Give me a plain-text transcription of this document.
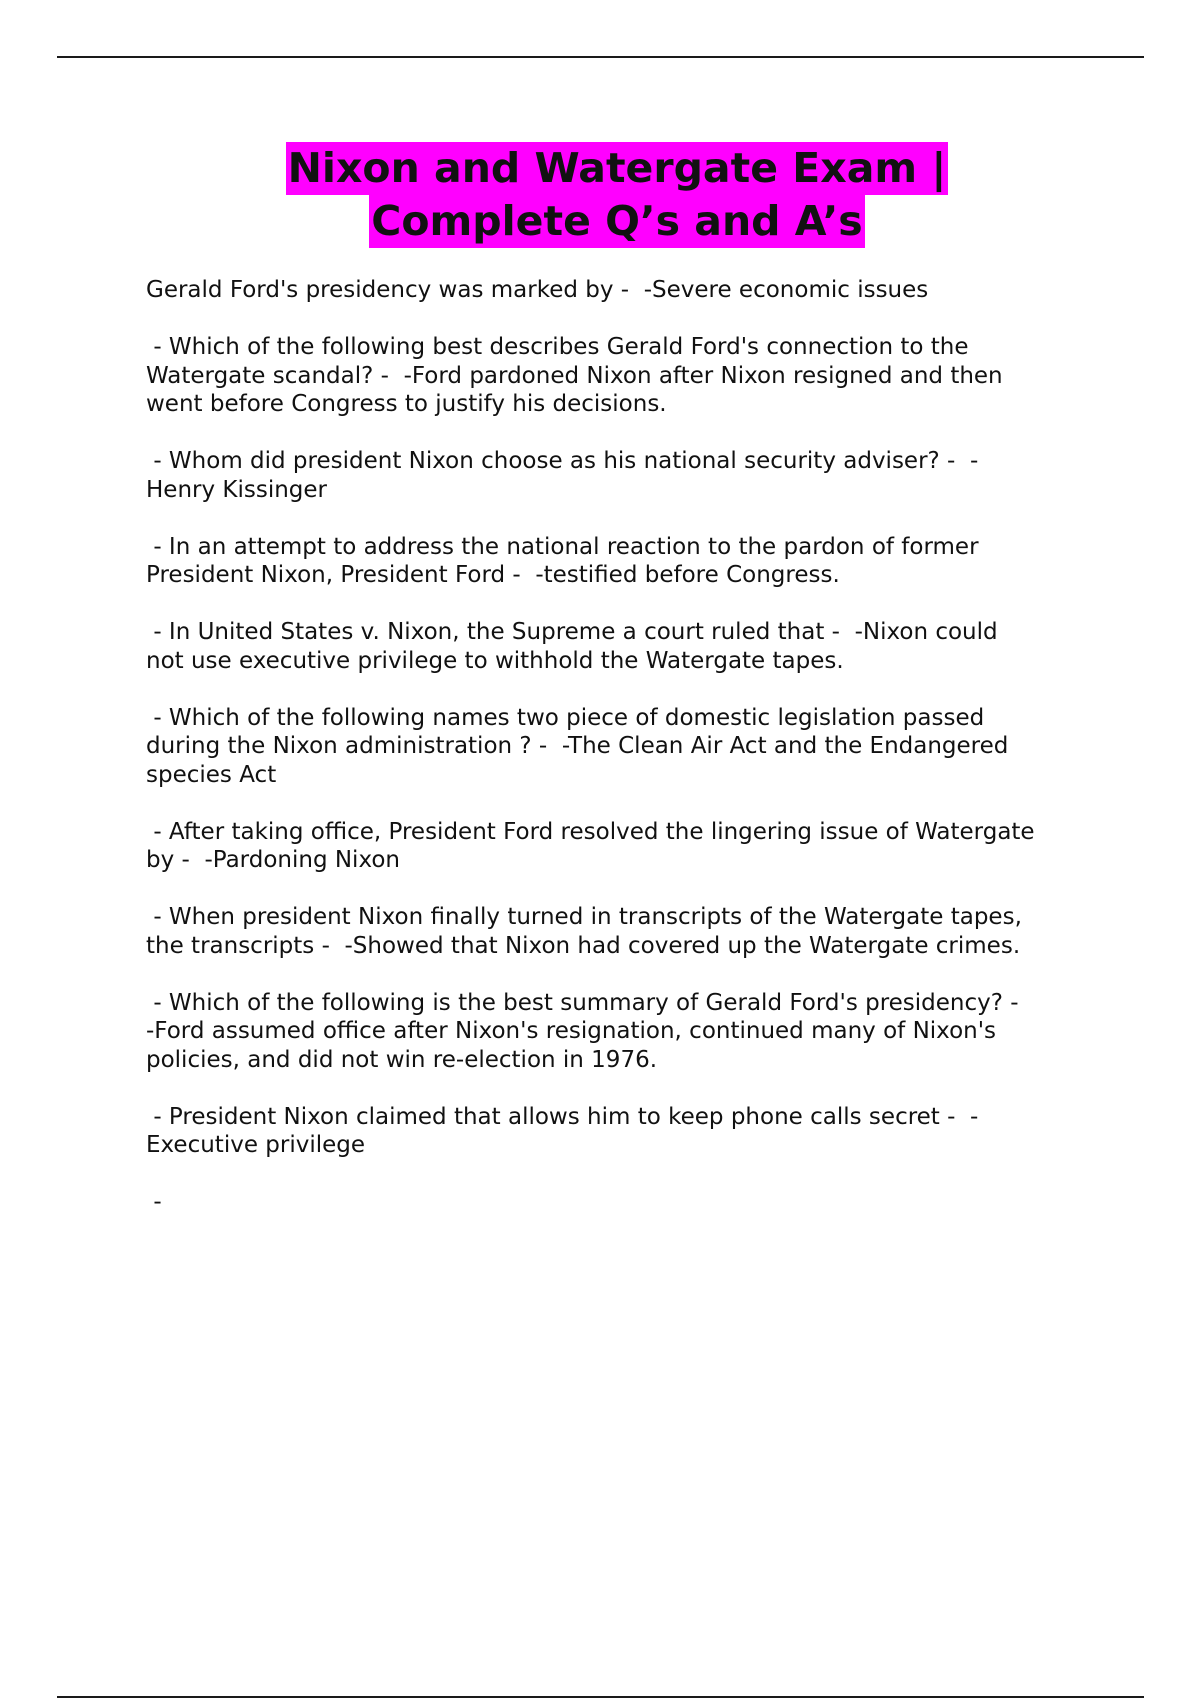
Nixon and Watergate Exam |
Complete Q’s and A’s

Gerald Ford's presidency was marked by -  -Severe economic issues

- Which of the following best describes Gerald Ford's connection to the
Watergate scandal? -  -Ford pardoned Nixon after Nixon resigned and then
went before Congress to justify his decisions.

- Whom did president Nixon choose as his national security adviser? -  -
Henry Kissinger

- In an attempt to address the national reaction to the pardon of former
President Nixon, President Ford -  -testified before Congress.

- In United States v. Nixon, the Supreme a court ruled that -  -Nixon could
not use executive privilege to withhold the Watergate tapes.

- Which of the following names two piece of domestic legislation passed
during the Nixon administration ? -  -The Clean Air Act and the Endangered
species Act

- After taking office, President Ford resolved the lingering issue of Watergate
by -  -Pardoning Nixon

- When president Nixon finally turned in transcripts of the Watergate tapes,
the transcripts -  -Showed that Nixon had covered up the Watergate crimes.

- Which of the following is the best summary of Gerald Ford's presidency? -
-Ford assumed office after Nixon's resignation, continued many of Nixon's
policies, and did not win re-election in 1976.

- President Nixon claimed that allows him to keep phone calls secret -  -
Executive privilege

-
